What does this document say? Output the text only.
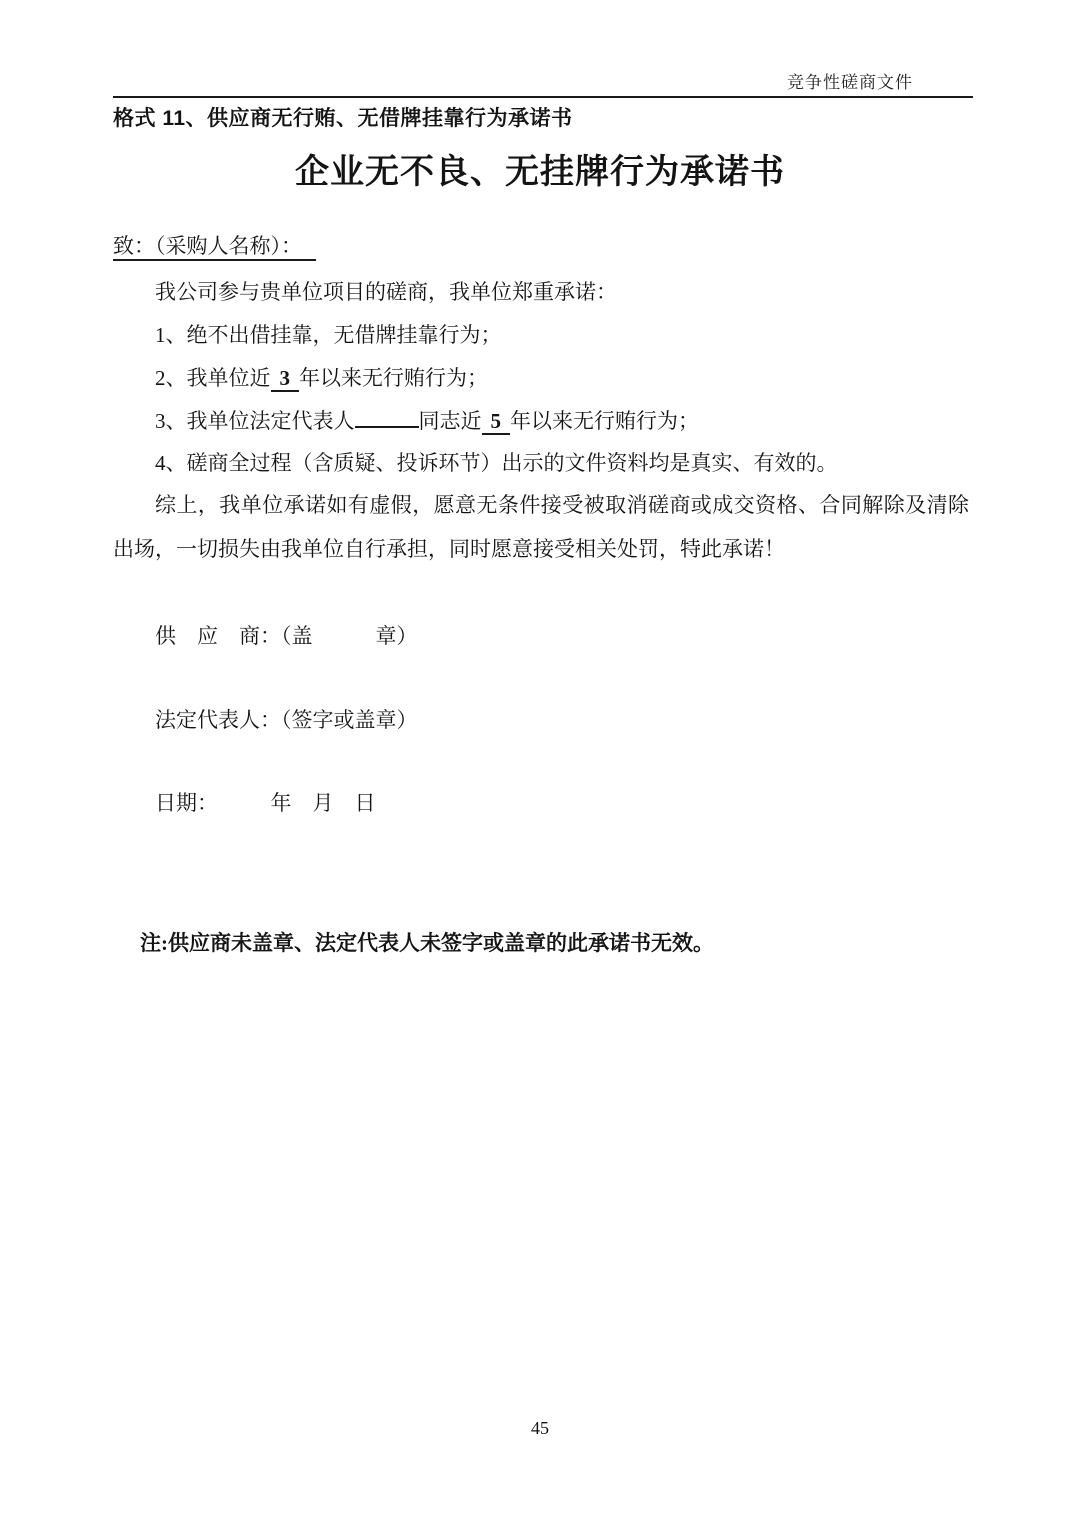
竞争性磋商文件
格式 11、供应商无行贿、无借牌挂靠行为承诺书
企业无不良、无挂牌行为承诺书

致：（采购人名称）：

我公司参与贵单位项目的磋商，我单位郑重承诺：

1、绝不出借挂靠，无借牌挂靠行为；

2、我单位近 3 年以来无行贿行为；

3、我单位法定代表人	同志近 5 年以来无行贿行为；

4、磋商全过程（含质疑、投诉环节）出示的文件资料均是真实、有效的。

综上，我单位承诺如有虚假，愿意无条件接受被取消磋商或成交资格、合同解除及清除出场，一切损失由我单位自行承担，同时愿意接受相关处罚，特此承诺！

供　应　商：（盖　　　章）

法定代表人：（签字或盖章）

日期：　　　年　月　日

注:供应商未盖章、法定代表人未签字或盖章的此承诺书无效。

45
